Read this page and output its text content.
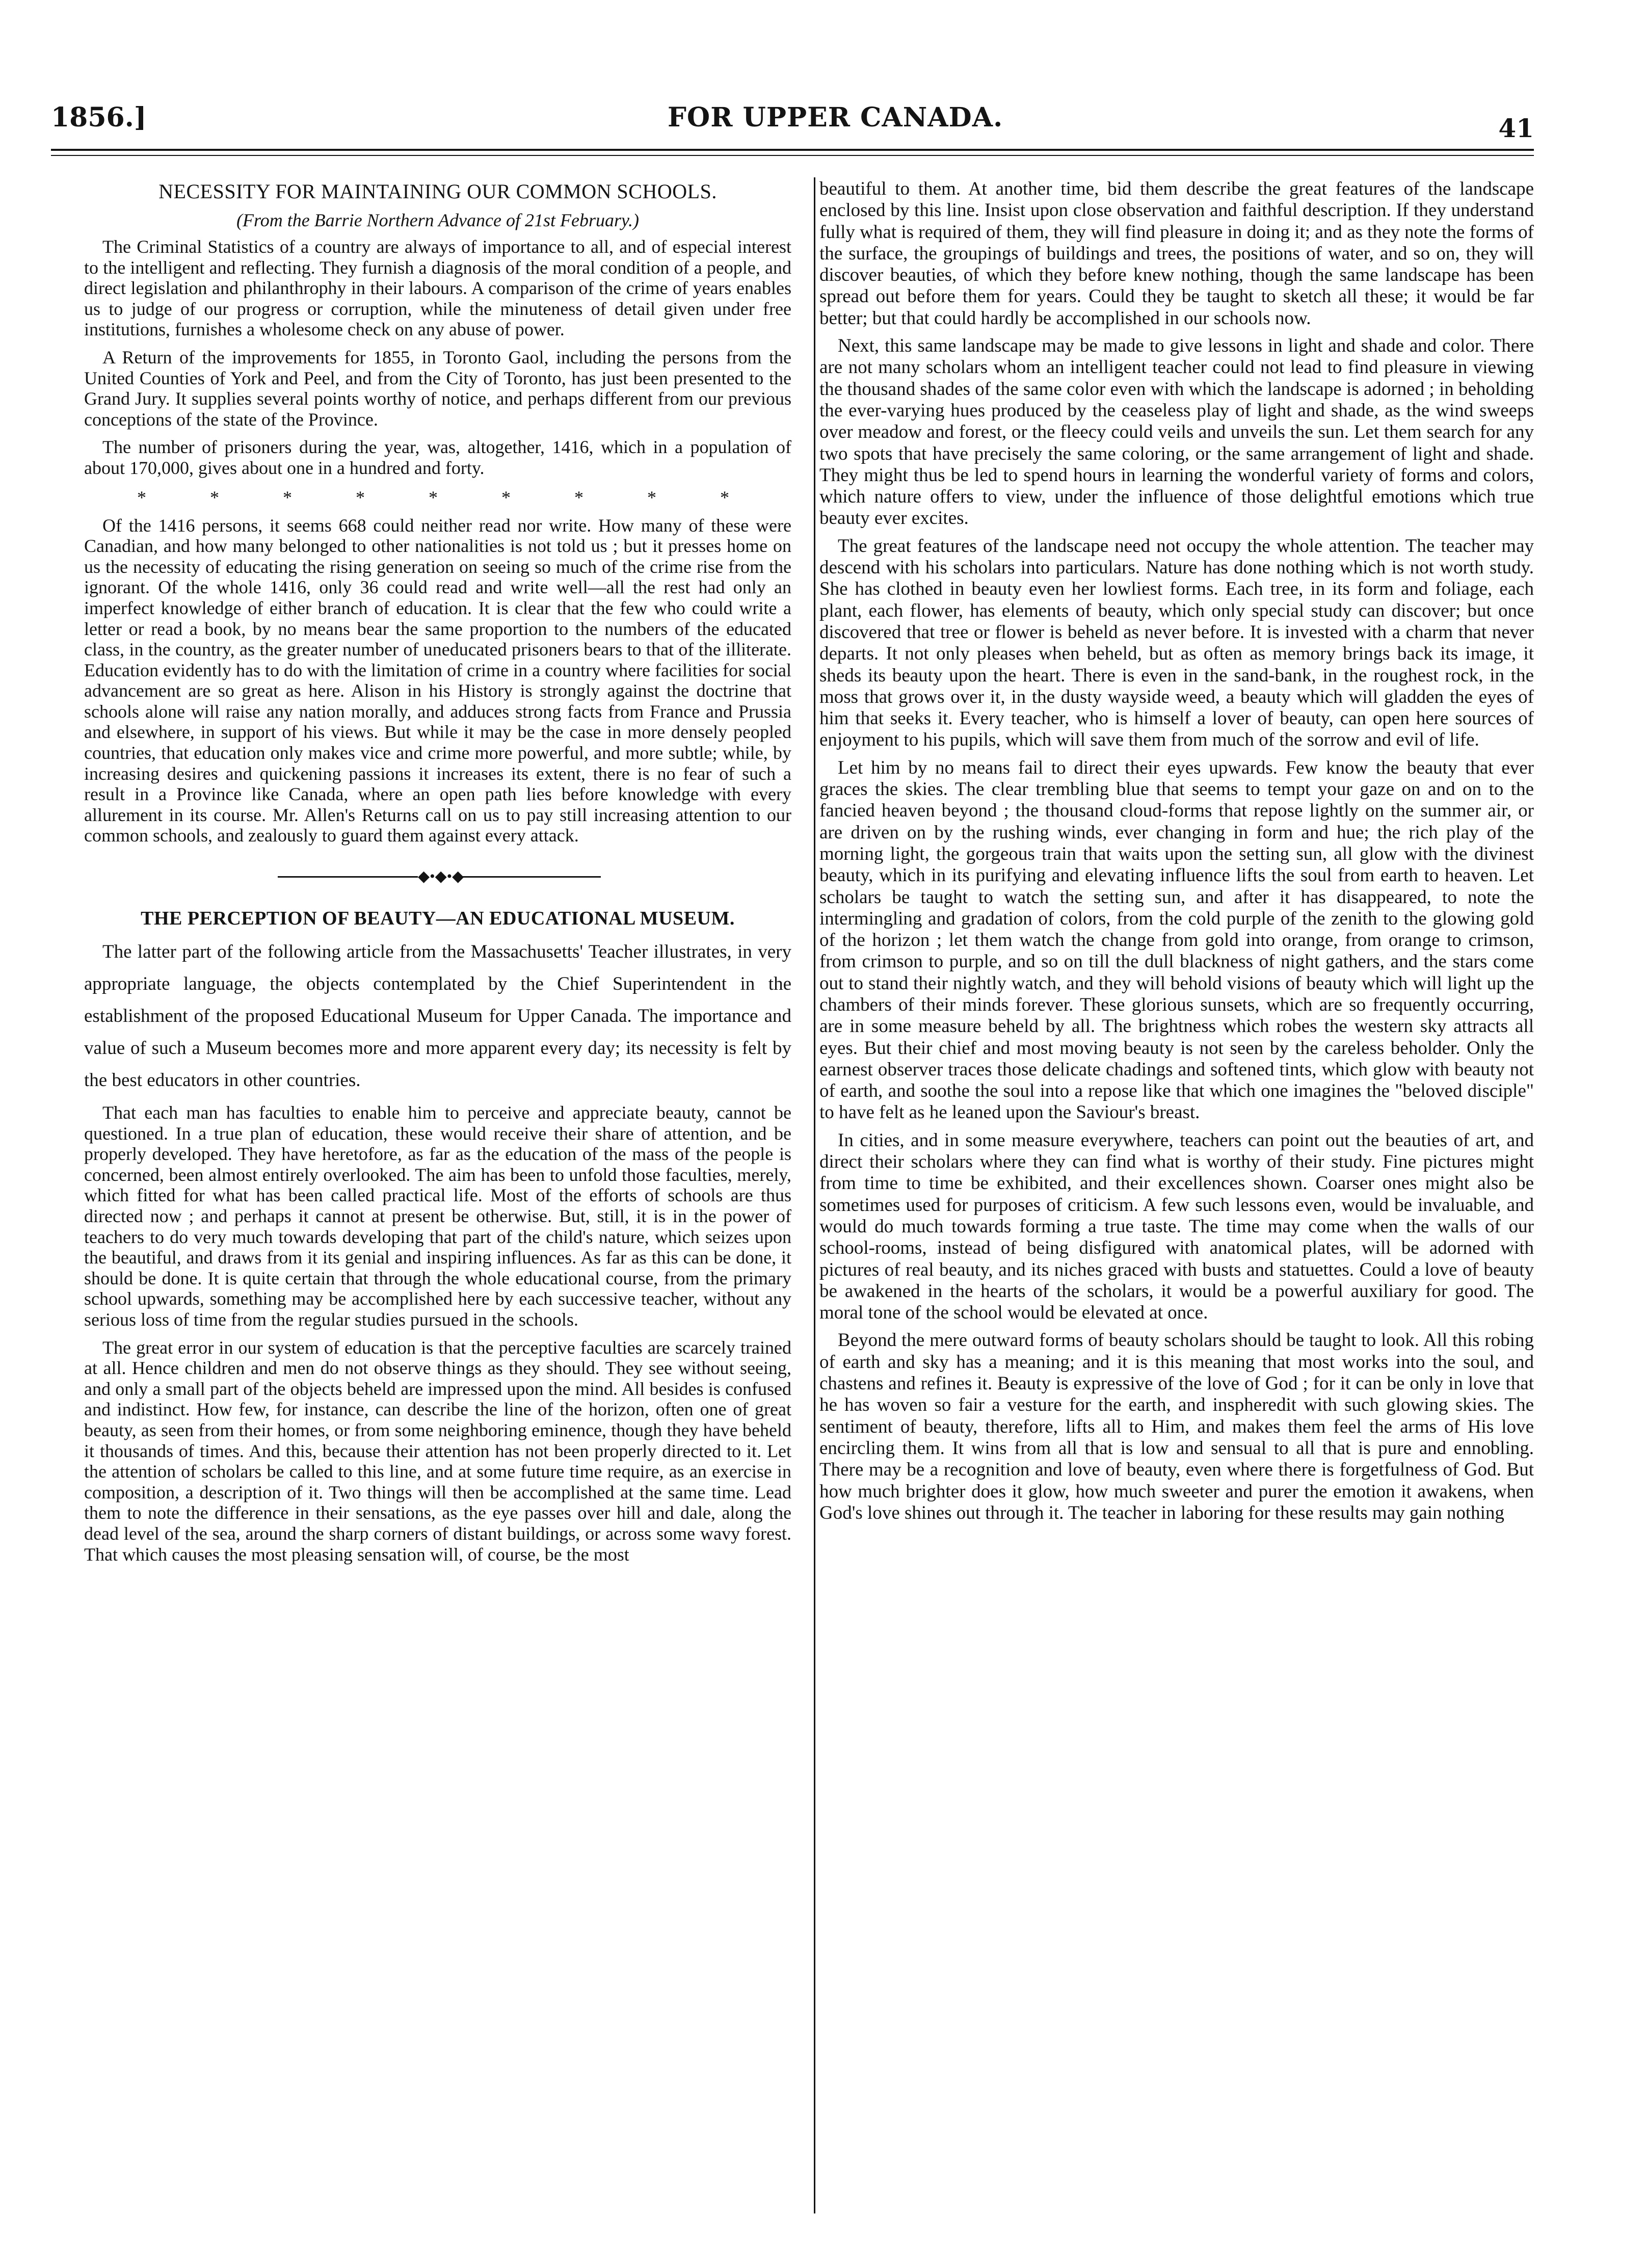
1856.]	FOR UPPER CANADA.	41
NECESSITY FOR MAINTAINING OUR COMMON SCHOOLS.
(From the Barrie Northern Advance of 21st February.)

The Criminal Statistics of a country are always of importance to all, and of especial interest to the intelligent and reflecting. They furnish a diagnosis of the moral condition of a people, and direct legislation and philanthrophy in their labours. A comparison of the crime of years enables us to judge of our progress or corruption, while the minuteness of detail given under free institutions, furnishes a wholesome check on any abuse of power.

A Return of the improvements for 1855, in Toronto Gaol, including the persons from the United Counties of York and Peel, and from the City of Toronto, has just been presented to the Grand Jury. It supplies several points worthy of notice, and perhaps different from our previous conceptions of the state of the Province.

The number of prisoners during the year, was, altogether, 1416, which in a population of about 170,000, gives about one in a hundred and forty.

* * * * * * * * *

Of the 1416 persons, it seems 668 could neither read nor write. How many of these were Canadian, and how many belonged to other nationalities is not told us ; but it presses home on us the necessity of educating the rising generation on seeing so much of the crime rise from the ignorant. Of the whole 1416, only 36 could read and write well—all the rest had only an imperfect knowledge of either branch of education. It is clear that the few who could write a letter or read a book, by no means bear the same proportion to the numbers of the educated class, in the country, as the greater number of uneducated prisoners bears to that of the illiterate. Education evidently has to do with the limitation of crime in a country where facilities for social advancement are so great as here. Alison in his History is strongly against the doctrine that schools alone will raise any nation morally, and adduces strong facts from France and Prussia and elsewhere, in support of his views. But while it may be the case in more densely peopled countries, that education only makes vice and crime more powerful, and more subtle; while, by increasing desires and quickening passions it increases its extent, there is no fear of such a result in a Province like Canada, where an open path lies before knowledge with every allurement in its course. Mr. Allen's Returns call on us to pay still increasing attention to our common schools, and zealously to guard them against every attack.

◆•◆•◆
THE PERCEPTION OF BEAUTY—AN EDUCATIONAL MUSEUM.

The latter part of the following article from the Massachusetts' Teacher illustrates, in very appropriate language, the objects contemplated by the Chief Superintendent in the establishment of the proposed Educational Museum for Upper Canada. The importance and value of such a Museum becomes more and more apparent every day; its necessity is felt by the best educators in other countries.

That each man has faculties to enable him to perceive and appreciate beauty, cannot be questioned. In a true plan of education, these would receive their share of attention, and be properly developed. They have heretofore, as far as the education of the mass of the people is concerned, been almost entirely overlooked. The aim has been to unfold those faculties, merely, which fitted for what has been called practical life. Most of the efforts of schools are thus directed now ; and perhaps it cannot at present be otherwise. But, still, it is in the power of teachers to do very much towards developing that part of the child's nature, which seizes upon the beautiful, and draws from it its genial and inspiring influences. As far as this can be done, it should be done. It is quite certain that through the whole educational course, from the primary school upwards, something may be accomplished here by each successive teacher, without any serious loss of time from the regular studies pursued in the schools.

The great error in our system of education is that the perceptive faculties are scarcely trained at all. Hence children and men do not observe things as they should. They see without seeing, and only a small part of the objects beheld are impressed upon the mind. All besides is confused and indistinct. How few, for instance, can describe the line of the horizon, often one of great beauty, as seen from their homes, or from some neighboring eminence, though they have beheld it thousands of times. And this, because their attention has not been properly directed to it. Let the attention of scholars be called to this line, and at some future time require, as an exercise in composition, a description of it. Two things will then be accomplished at the same time. Lead them to note the difference in their sensations, as the eye passes over hill and dale, along the dead level of the sea, around the sharp corners of distant buildings, or across some wavy forest. That which causes the most pleasing sensation will, of course, be the most

beautiful to them. At another time, bid them describe the great features of the landscape enclosed by this line. Insist upon close observation and faithful description. If they understand fully what is required of them, they will find pleasure in doing it; and as they note the forms of the surface, the groupings of buildings and trees, the positions of water, and so on, they will discover beauties, of which they before knew nothing, though the same landscape has been spread out before them for years. Could they be taught to sketch all these; it would be far better; but that could hardly be accomplished in our schools now.

Next, this same landscape may be made to give lessons in light and shade and color. There are not many scholars whom an intelligent teacher could not lead to find pleasure in viewing the thousand shades of the same color even with which the landscape is adorned ; in beholding the ever-varying hues produced by the ceaseless play of light and shade, as the wind sweeps over meadow and forest, or the fleecy could veils and unveils the sun. Let them search for any two spots that have precisely the same coloring, or the same arrangement of light and shade. They might thus be led to spend hours in learning the wonderful variety of forms and colors, which nature offers to view, under the influence of those delightful emotions which true beauty ever excites.

The great features of the landscape need not occupy the whole attention. The teacher may descend with his scholars into particulars. Nature has done nothing which is not worth study. She has clothed in beauty even her lowliest forms. Each tree, in its form and foliage, each plant, each flower, has elements of beauty, which only special study can discover; but once discovered that tree or flower is beheld as never before. It is invested with a charm that never departs. It not only pleases when beheld, but as often as memory brings back its image, it sheds its beauty upon the heart. There is even in the sand-bank, in the roughest rock, in the moss that grows over it, in the dusty wayside weed, a beauty which will gladden the eyes of him that seeks it. Every teacher, who is himself a lover of beauty, can open here sources of enjoyment to his pupils, which will save them from much of the sorrow and evil of life.

Let him by no means fail to direct their eyes upwards. Few know the beauty that ever graces the skies. The clear trembling blue that seems to tempt your gaze on and on to the fancied heaven beyond ; the thousand cloud-forms that repose lightly on the summer air, or are driven on by the rushing winds, ever changing in form and hue; the rich play of the morning light, the gorgeous train that waits upon the setting sun, all glow with the divinest beauty, which in its purifying and elevating influence lifts the soul from earth to heaven. Let scholars be taught to watch the setting sun, and after it has disappeared, to note the intermingling and gradation of colors, from the cold purple of the zenith to the glowing gold of the horizon ; let them watch the change from gold into orange, from orange to crimson, from crimson to purple, and so on till the dull blackness of night gathers, and the stars come out to stand their nightly watch, and they will behold visions of beauty which will light up the chambers of their minds forever. These glorious sunsets, which are so frequently occurring, are in some measure beheld by all. The brightness which robes the western sky attracts all eyes. But their chief and most moving beauty is not seen by the careless beholder. Only the earnest observer traces those delicate chadings and softened tints, which glow with beauty not of earth, and soothe the soul into a repose like that which one imagines the "beloved disciple" to have felt as he leaned upon the Saviour's breast.

In cities, and in some measure everywhere, teachers can point out the beauties of art, and direct their scholars where they can find what is worthy of their study. Fine pictures might from time to time be exhibited, and their excellences shown. Coarser ones might also be sometimes used for purposes of criticism. A few such lessons even, would be invaluable, and would do much towards forming a true taste. The time may come when the walls of our school-rooms, instead of being disfigured with anatomical plates, will be adorned with pictures of real beauty, and its niches graced with busts and statuettes. Could a love of beauty be awakened in the hearts of the scholars, it would be a powerful auxiliary for good. The moral tone of the school would be elevated at once.

Beyond the mere outward forms of beauty scholars should be taught to look. All this robing of earth and sky has a meaning; and it is this meaning that most works into the soul, and chastens and refines it. Beauty is expressive of the love of God ; for it can be only in love that he has woven so fair a vesture for the earth, and inspheredit with such glowing skies. The sentiment of beauty, therefore, lifts all to Him, and makes them feel the arms of His love encircling them. It wins from all that is low and sensual to all that is pure and ennobling. There may be a recognition and love of beauty, even where there is forgetfulness of God. But how much brighter does it glow, how much sweeter and purer the emotion it awakens, when God's love shines out through it. The teacher in laboring for these results may gain nothing
